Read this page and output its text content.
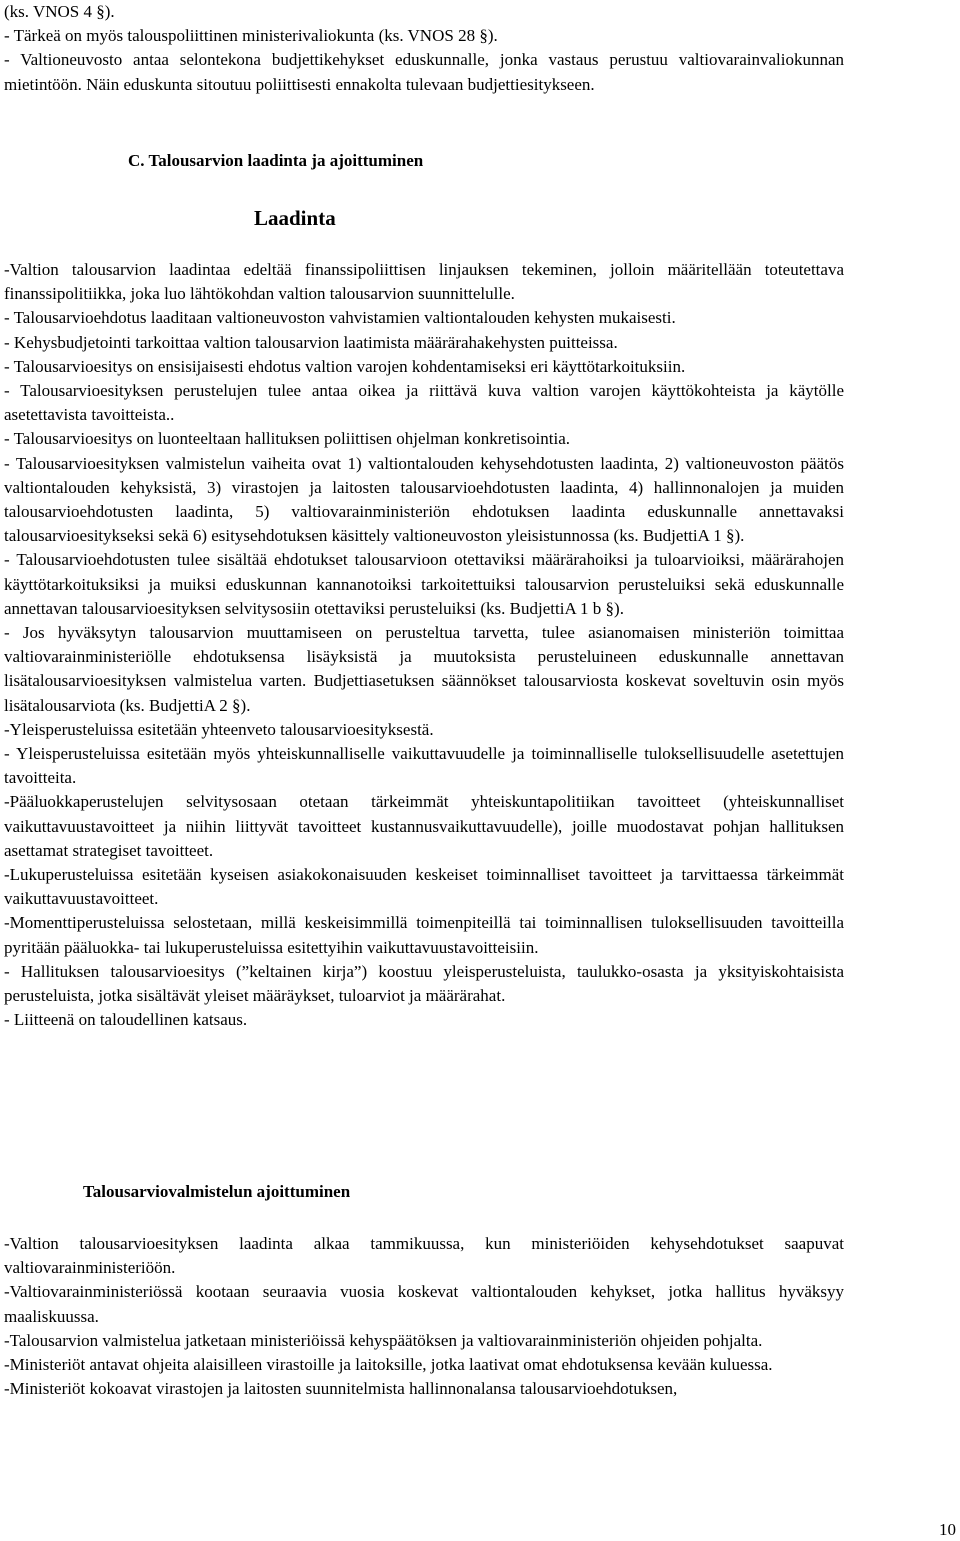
(ks. VNOS 4 §).

- Tärkeä on myös talouspoliittinen ministerivaliokunta (ks. VNOS 28 §).

- Valtioneuvosto antaa selontekona budjettikehykset eduskunnalle, jonka vastaus perustuu valtiovarainvaliokunnan mietintöön. Näin eduskunta sitoutuu poliittisesti ennakolta tulevaan budjettiesitykseen.

C. Talousarvion laadinta ja ajoittuminen
Laadinta

-Valtion talousarvion laadintaa edeltää finanssipoliittisen linjauksen tekeminen, jolloin määritellään toteutettava finanssipolitiikka, joka luo lähtökohdan valtion talousarvion suunnittelulle.

- Talousarvioehdotus laaditaan valtioneuvoston vahvistamien valtiontalouden kehysten mukaisesti.

- Kehysbudjetointi tarkoittaa valtion talousarvion laatimista määrärahakehysten puitteissa.

- Talousarvioesitys on ensisijaisesti ehdotus valtion varojen kohdentamiseksi eri käyttötarkoituksiin.

- Talousarvioesityksen perustelujen tulee antaa oikea ja riittävä kuva valtion varojen käyttökohteista ja käytölle asetettavista tavoitteista..

- Talousarvioesitys on luonteeltaan hallituksen poliittisen ohjelman konkretisointia.

- Talousarvioesityksen valmistelun vaiheita ovat 1) valtiontalouden kehysehdotusten laadinta, 2) valtioneuvoston päätös valtiontalouden kehyksistä, 3) virastojen ja laitosten talousarvioehdotusten laadinta, 4) hallinnonalojen ja muiden talousarvioehdotusten laadinta, 5) valtiovarainministeriön ehdotuksen laadinta eduskunnalle annettavaksi talousarvioesitykseksi sekä 6) esitysehdotuksen käsittely valtioneuvoston yleisistunnossa (ks. BudjettiA 1 §).

- Talousarvioehdotusten tulee sisältää ehdotukset talousarvioon otettaviksi määrärahoiksi ja tuloarvioiksi, määrärahojen käyttötarkoituksiksi ja muiksi eduskunnan kannanotoiksi tarkoitettuiksi talousarvion perusteluiksi sekä eduskunnalle annettavan talousarvioesityksen selvitysosiin otettaviksi perusteluiksi (ks. BudjettiA 1 b §).

- Jos hyväksytyn talousarvion muuttamiseen on perusteltua tarvetta, tulee asianomaisen ministeriön toimittaa valtiovarainministeriölle ehdotuksensa lisäyksistä ja muutoksista perusteluineen eduskunnalle annettavan lisätalousarvioesityksen valmistelua varten. Budjettiasetuksen säännökset talousarviosta koskevat soveltuvin osin myös lisätalousarviota (ks. BudjettiA 2 §).

-Yleisperusteluissa esitetään yhteenveto talousarvioesityksestä.

- Yleisperusteluissa esitetään myös yhteiskunnalliselle vaikuttavuudelle ja toiminnalliselle tuloksellisuudelle asetettujen tavoitteita.

-Pääluokkaperustelujen selvitysosaan otetaan tärkeimmät yhteiskuntapolitiikan tavoitteet (yhteiskunnalliset vaikuttavuustavoitteet ja niihin liittyvät tavoitteet kustannusvaikuttavuudelle), joille muodostavat pohjan hallituksen asettamat strategiset tavoitteet.

-Lukuperusteluissa esitetään kyseisen asiakokonaisuuden keskeiset toiminnalliset tavoitteet ja tarvittaessa tärkeimmät vaikuttavuustavoitteet.

-Momenttiperusteluissa selostetaan, millä keskeisimmillä toimenpiteillä tai toiminnallisen tuloksellisuuden tavoitteilla pyritään pääluokka- tai lukuperusteluissa esitettyihin vaikuttavuustavoitteisiin.

- Hallituksen talousarvioesitys (”keltainen kirja”) koostuu yleisperusteluista, taulukko-osasta ja yksityiskohtaisista perusteluista, jotka sisältävät yleiset määräykset, tuloarviot ja määrärahat.

- Liitteenä on taloudellinen katsaus.

Talousarviovalmistelun ajoittuminen

-Valtion talousarvioesityksen laadinta alkaa tammikuussa, kun ministeriöiden kehysehdotukset saapuvat valtiovarainministeriöön.

-Valtiovarainministeriössä kootaan seuraavia vuosia koskevat valtiontalouden kehykset, jotka hallitus hyväksyy maaliskuussa.

-Talousarvion valmistelua jatketaan ministeriöissä kehyspäätöksen ja valtiovarainministeriön ohjeiden pohjalta.

-Ministeriöt antavat ohjeita alaisilleen virastoille ja laitoksille, jotka laativat omat ehdotuksensa kevään kuluessa.

-Ministeriöt kokoavat virastojen ja laitosten suunnitelmista hallinnonalansa talousarvioehdotuksen,

10
